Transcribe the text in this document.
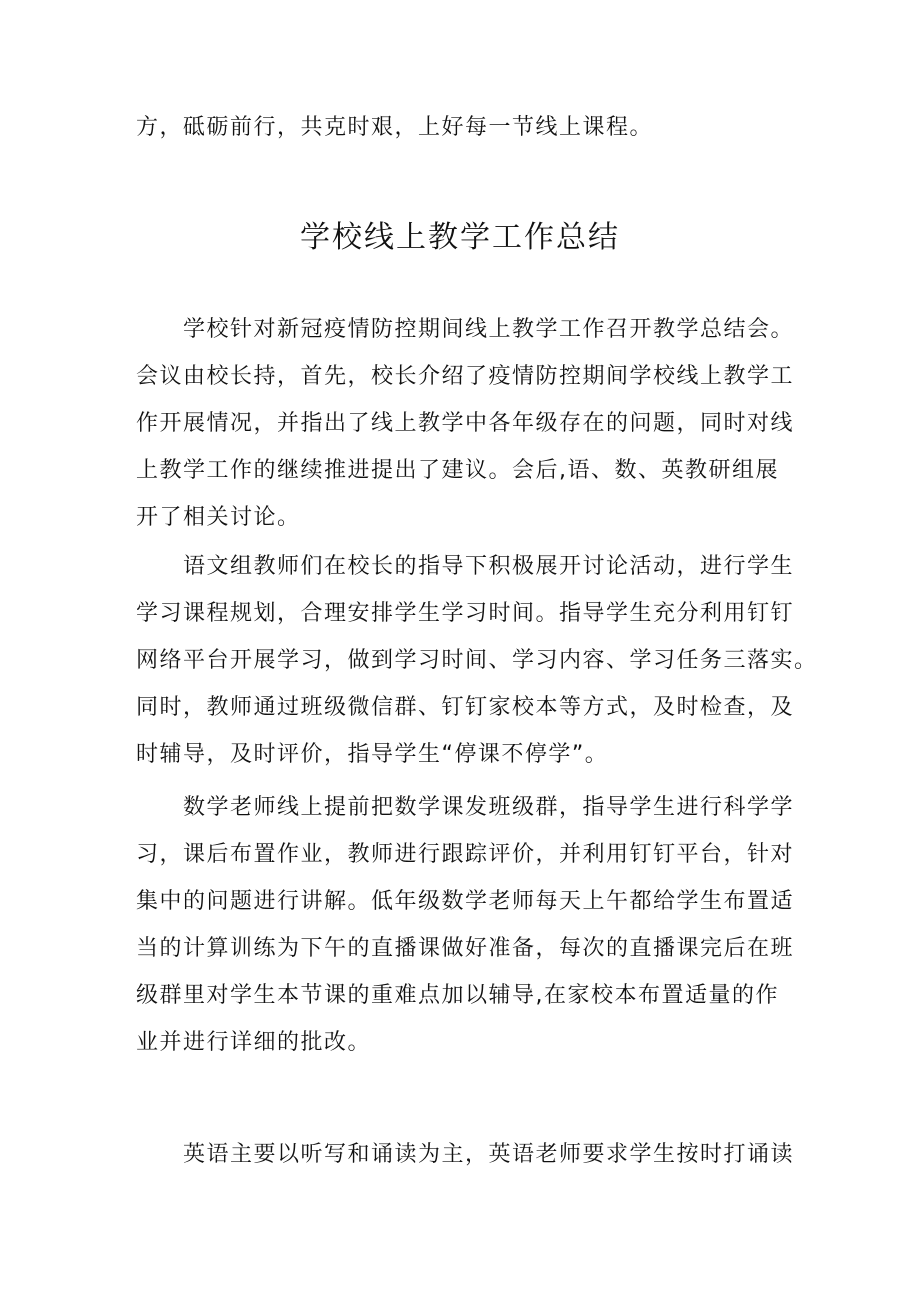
方，砥砺前行，共克时艰，上好每一节线上课程。
学校线上教学工作总结
学校针对新冠疫情防控期间线上教学工作召开教学总结会。
会议由校长持，首先，校长介绍了疫情防控期间学校线上教学工
作开展情况，并指出了线上教学中各年级存在的问题，同时对线
上教学工作的继续推进提出了建议。会后,语、数、英教研组展
开了相关讨论。
语文组教师们在校长的指导下积极展开讨论活动，进行学生
学习课程规划，合理安排学生学习时间。指导学生充分利用钉钉
网络平台开展学习，做到学习时间、学习内容、学习任务三落实。
同时，教师通过班级微信群、钉钉家校本等方式，及时检查，及
时辅导，及时评价，指导学生“停课不停学”。
数学老师线上提前把数学课发班级群，指导学生进行科学学
习，课后布置作业，教师进行跟踪评价，并利用钉钉平台，针对
集中的问题进行讲解。低年级数学老师每天上午都给学生布置适
当的计算训练为下午的直播课做好准备，每次的直播课完后在班
级群里对学生本节课的重难点加以辅导,在家校本布置适量的作
业并进行详细的批改。
英语主要以听写和诵读为主，英语老师要求学生按时打诵读
